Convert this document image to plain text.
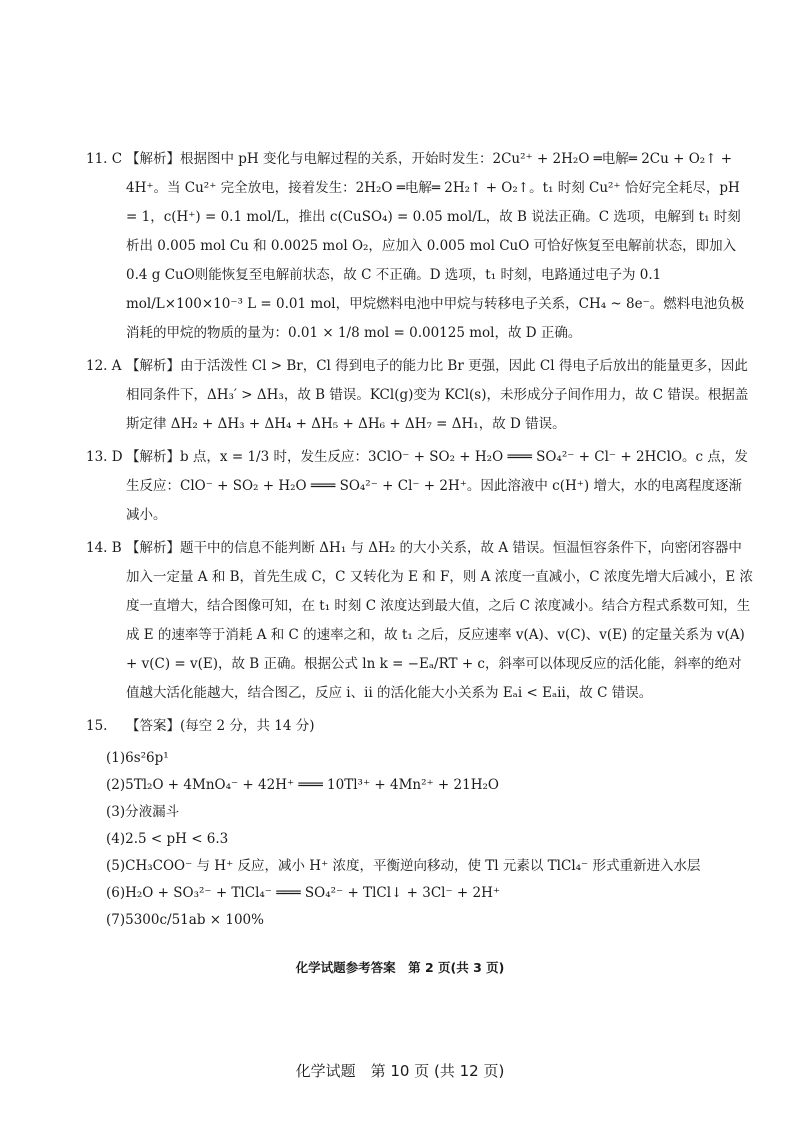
11. C 【解析】根据图中 pH 变化与电解过程的关系，开始时发生：2Cu²⁺ + 2H₂O ═电解═ 2Cu + O₂↑ + 4H⁺。当 Cu²⁺ 完全放电，接着发生：2H₂O ═电解═ 2H₂↑ + O₂↑。t₁ 时刻 Cu²⁺ 恰好完全耗尽，pH = 1，c(H⁺) = 0.1 mol/L，推出 c(CuSO₄) = 0.05 mol/L，故 B 说法正确。C 选项，电解到 t₁ 时刻析出 0.005 mol Cu 和 0.0025 mol O₂，应加入 0.005 mol CuO 可恰好恢复至电解前状态，即加入 0.4 g CuO则能恢复至电解前状态，故 C 不正确。D 选项，t₁ 时刻，电路通过电子为 0.1 mol/L×100×10⁻³ L = 0.01 mol，甲烷燃料电池中甲烷与转移电子关系，CH₄ ~ 8e⁻。燃料电池负极消耗的甲烷的物质的量为：0.01 × 1/8 mol = 0.00125 mol，故 D 正确。
12. A 【解析】由于活泼性 Cl > Br，Cl 得到电子的能力比 Br 更强，因此 Cl 得电子后放出的能量更多，因此相同条件下，ΔH₃′ > ΔH₃，故 B 错误。KCl(g)变为 KCl(s)，未形成分子间作用力，故 C 错误。根据盖斯定律 ΔH₂ + ΔH₃ + ΔH₄ + ΔH₅ + ΔH₆ + ΔH₇ = ΔH₁，故 D 错误。
13. D 【解析】b 点，x = 1/3 时，发生反应：3ClO⁻ + SO₂ + H₂O ═══ SO₄²⁻ + Cl⁻ + 2HClO。c 点，发生反应：ClO⁻ + SO₂ + H₂O ═══ SO₄²⁻ + Cl⁻ + 2H⁺。因此溶液中 c(H⁺) 增大，水的电离程度逐渐减小。
14. B 【解析】题干中的信息不能判断 ΔH₁ 与 ΔH₂ 的大小关系，故 A 错误。恒温恒容条件下，向密闭容器中加入一定量 A 和 B，首先生成 C，C 又转化为 E 和 F，则 A 浓度一直减小，C 浓度先增大后减小，E 浓度一直增大，结合图像可知，在 t₁ 时刻 C 浓度达到最大值，之后 C 浓度减小。结合方程式系数可知，生成 E 的速率等于消耗 A 和 C 的速率之和，故 t₁ 之后，反应速率 v(A)、v(C)、v(E) 的定量关系为 v(A) + v(C) = v(E)，故 B 正确。根据公式 ln k = −Eₐ/RT + c，斜率可以体现反应的活化能，斜率的绝对值越大活化能越大，结合图乙，反应 ⅰ、ⅱ 的活化能大小关系为 Eₐⅰ < Eₐⅱ，故 C 错误。
15.	【答案】(每空 2 分，共 14 分)
(1)6s²6p¹
(2)5Tl₂O + 4MnO₄⁻ + 42H⁺ ═══ 10Tl³⁺ + 4Mn²⁺ + 21H₂O
(3)分液漏斗
(4)2.5 < pH < 6.3
(5)CH₃COO⁻ 与 H⁺ 反应，减小 H⁺ 浓度，平衡逆向移动，使 Tl 元素以 TlCl₄⁻ 形式重新进入水层
(6)H₂O + SO₃²⁻ + TlCl₄⁻ ═══ SO₄²⁻ + TlCl↓ + 3Cl⁻ + 2H⁺
(7)5300c/51ab × 100%
化学试题参考答案　第 2 页(共 3 页)
化学试题　第 10 页 (共 12 页)
